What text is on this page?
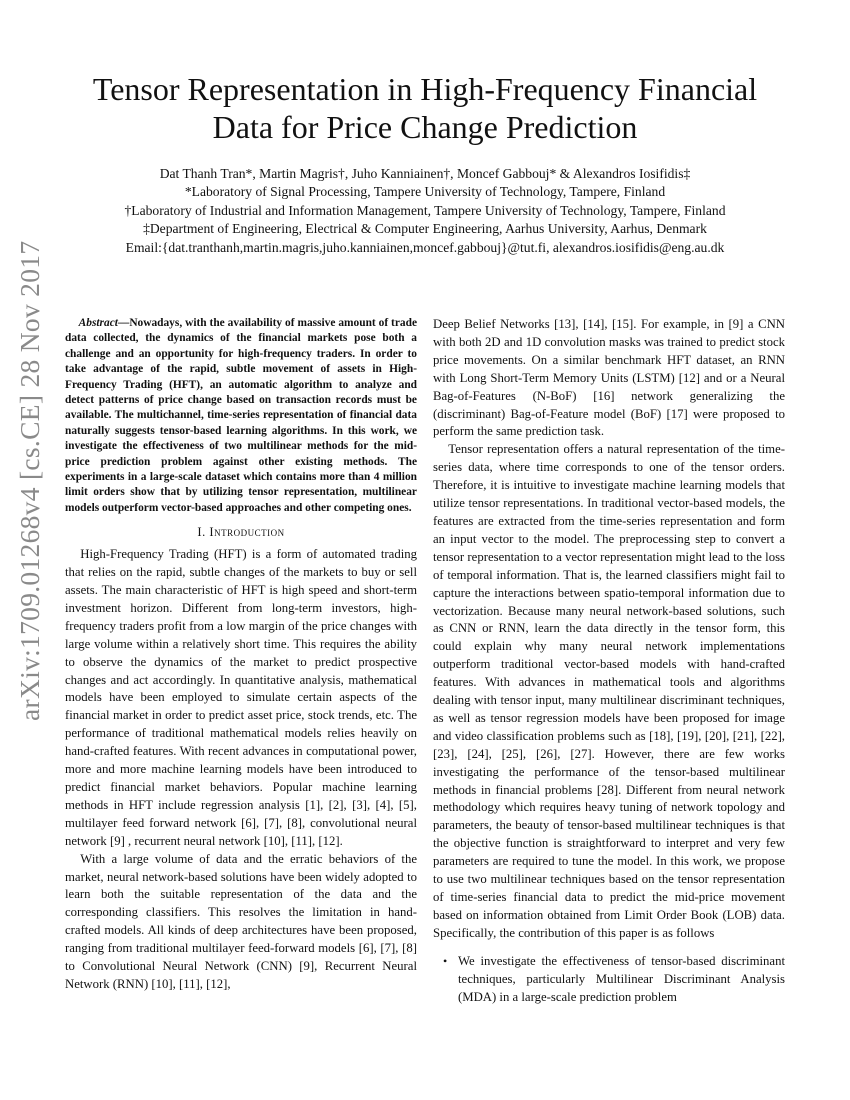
arXiv:1709.01268v4 [cs.CE] 28 Nov 2017
Tensor Representation in High-Frequency Financial
Data for Price Change Prediction
Dat Thanh Tran*, Martin Magris†, Juho Kanniainen†, Moncef Gabbouj* & Alexandros Iosifidis‡
*Laboratory of Signal Processing, Tampere University of Technology, Tampere, Finland
†Laboratory of Industrial and Information Management, Tampere University of Technology, Tampere, Finland
‡Department of Engineering, Electrical & Computer Engineering, Aarhus University, Aarhus, Denmark
Email:{dat.tranthanh,martin.magris,juho.kanniainen,moncef.gabbouj}@tut.fi, alexandros.iosifidis@eng.au.dk

Abstract—Nowadays, with the availability of massive amount of trade data collected, the dynamics of the financial markets pose both a challenge and an opportunity for high-frequency traders. In order to take advantage of the rapid, subtle movement of assets in High-Frequency Trading (HFT), an automatic algorithm to analyze and detect patterns of price change based on transaction records must be available. The multichannel, time-series representation of financial data naturally suggests tensor-based learning algorithms. In this work, we investigate the effectiveness of two multilinear methods for the mid-price prediction problem against other existing methods. The experiments in a large-scale dataset which contains more than 4 million limit orders show that by utilizing tensor representation, multilinear models outperform vector-based approaches and other competing ones.

I. Introduction

High-Frequency Trading (HFT) is a form of automated trading that relies on the rapid, subtle changes of the markets to buy or sell assets. The main characteristic of HFT is high speed and short-term investment horizon. Different from long-term investors, high-frequency traders profit from a low margin of the price changes with large volume within a relatively short time. This requires the ability to observe the dynamics of the market to predict prospective changes and act accordingly. In quantitative analysis, mathematical models have been employed to simulate certain aspects of the financial market in order to predict asset price, stock trends, etc. The performance of traditional mathematical models relies heavily on hand-crafted features. With recent advances in computational power, more and more machine learning models have been introduced to predict financial market behaviors. Popular machine learning methods in HFT include regression analysis [1], [2], [3], [4], [5], multilayer feed forward network [6], [7], [8], convolutional neural network [9] , recurrent neural network [10], [11], [12].

With a large volume of data and the erratic behaviors of the market, neural network-based solutions have been widely adopted to learn both the suitable representation of the data and the corresponding classifiers. This resolves the limitation in hand-crafted models. All kinds of deep architectures have been proposed, ranging from traditional multilayer feed-forward models [6], [7], [8] to Convolutional Neural Network (CNN) [9], Recurrent Neural Network (RNN) [10], [11], [12],

Deep Belief Networks [13], [14], [15]. For example, in [9] a CNN with both 2D and 1D convolution masks was trained to predict stock price movements. On a similar benchmark HFT dataset, an RNN with Long Short-Term Memory Units (LSTM) [12] and or a Neural Bag-of-Features (N-BoF) [16] network generalizing the (discriminant) Bag-of-Feature model (BoF) [17] were proposed to perform the same prediction task.

Tensor representation offers a natural representation of the time-series data, where time corresponds to one of the tensor orders. Therefore, it is intuitive to investigate machine learning models that utilize tensor representations. In traditional vector-based models, the features are extracted from the time-series representation and form an input vector to the model. The preprocessing step to convert a tensor representation to a vector representation might lead to the loss of temporal information. That is, the learned classifiers might fail to capture the interactions between spatio-temporal information due to vectorization. Because many neural network-based solutions, such as CNN or RNN, learn the data directly in the tensor form, this could explain why many neural network implementations outperform traditional vector-based models with hand-crafted features. With advances in mathematical tools and algorithms dealing with tensor input, many multilinear discriminant techniques, as well as tensor regression models have been proposed for image and video classification problems such as [18], [19], [20], [21], [22], [23], [24], [25], [26], [27]. However, there are few works investigating the performance of the tensor-based multilinear methods in financial problems [28]. Different from neural network methodology which requires heavy tuning of network topology and parameters, the beauty of tensor-based multilinear techniques is that the objective function is straightforward to interpret and very few parameters are required to tune the model. In this work, we propose to use two multilinear techniques based on the tensor representation of time-series financial data to predict the mid-price movement based on information obtained from Limit Order Book (LOB) data. Specifically, the contribution of this paper is as follows

• We investigate the effectiveness of tensor-based discriminant techniques, particularly Multilinear Discriminant Analysis (MDA) in a large-scale prediction problem
